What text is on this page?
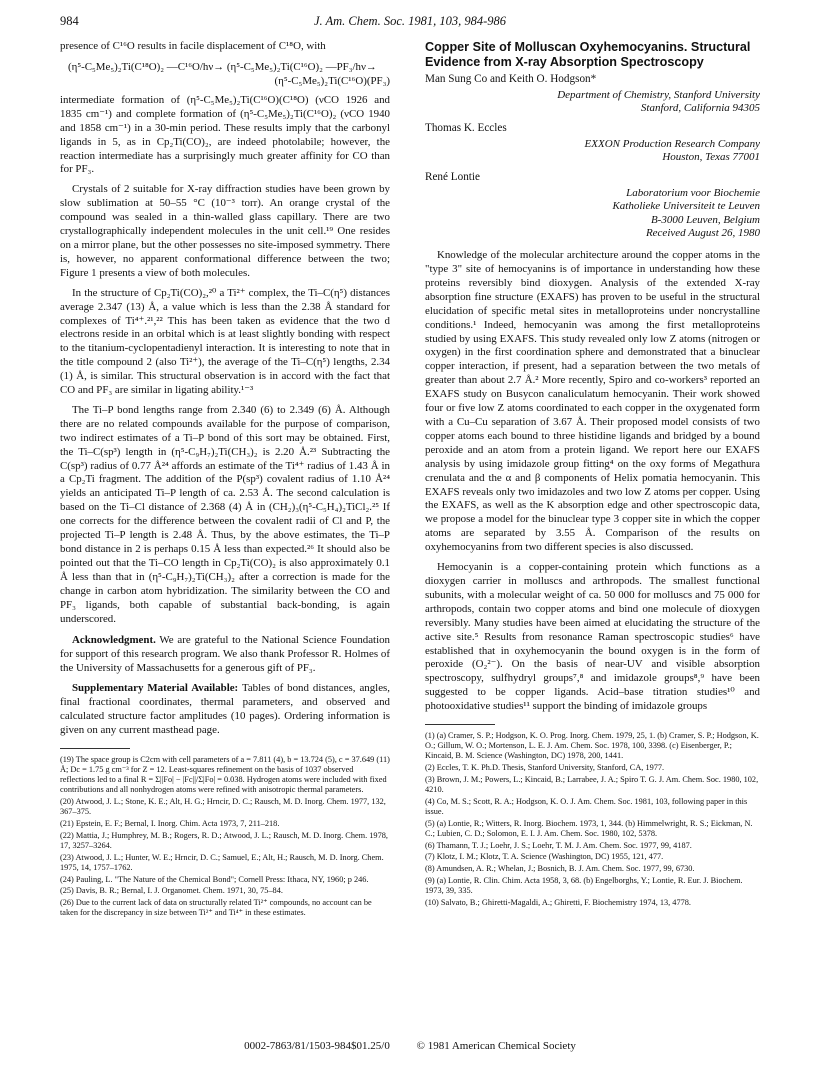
984	J. Am. Chem. Soc. 1981, 103, 984-986

presence of C¹⁶O results in facile displacement of C¹⁸O, with

(η⁵-C₅Me₅)₂Ti(C¹⁸O)₂ —C¹⁶O/hν→ (η⁵-C₅Me₅)₂Ti(C¹⁶O)₂ —PF₃/hν→
(η⁵-C₅Me₅)₂Ti(C¹⁶O)(PF₃)

intermediate formation of (η⁵-C₅Me₅)₂Ti(C¹⁶O)(C¹⁸O) (νCO 1926 and 1835 cm⁻¹) and complete formation of (η⁵-C₅Me₅)₂Ti(C¹⁶O)₂ (νCO 1940 and 1858 cm⁻¹) in a 30-min period. These results imply that the carbonyl ligands in 5, as in Cp₂Ti(CO)₂, are indeed photolabile; however, the reaction intermediate has a surprisingly much greater affinity for CO than for PF₃.

Crystals of 2 suitable for X-ray diffraction studies have been grown by slow sublimation at 50–55 °C (10⁻³ torr). An orange crystal of the compound was sealed in a thin-walled glass capillary. There are two crystallographically independent molecules in the unit cell.¹⁹ One resides on a mirror plane, but the other possesses no site-imposed symmetry. There is, however, no apparent conformational difference between the two; Figure 1 presents a view of both molecules.

In the structure of Cp₂Ti(CO)₂,²⁰ a Ti²⁺ complex, the Ti–C(η⁵) distances average 2.347 (13) Å, a value which is less than the 2.38 Å standard for complexes of Ti⁴⁺.²¹,²² This has been taken as evidence that the two d electrons reside in an orbital which is at least slightly bonding with respect to the titanium-cyclopentadienyl interaction. It is interesting to note that in the title compound 2 (also Ti²⁺), the average of the Ti–C(η⁵) lengths, 2.34 (1) Å, is similar. This structural observation is in accord with the fact that CO and PF₃ are similar in ligating ability.¹⁻³

The Ti–P bond lengths range from 2.340 (6) to 2.349 (6) Å. Although there are no related compounds available for the purpose of comparison, two indirect estimates of a Ti–P bond of this sort may be obtained. First, the Ti–C(sp³) length in (η⁵-C₉H₇)₂Ti(CH₃)₂ is 2.20 Å.²³ Subtracting the C(sp³) radius of 0.77 Å²⁴ affords an estimate of the Ti⁴⁺ radius of 1.43 Å in a Cp₂Ti fragment. The addition of the P(sp³) covalent radius of 1.10 Å²⁴ yields an anticipated Ti–P length of ca. 2.53 Å. The second calculation is based on the Ti–Cl distance of 2.368 (4) Å in (CH₂)₃(η⁵-C₅H₄)₂TiCl₂.²⁵ If one corrects for the difference between the covalent radii of Cl and P, the projected Ti–P length is 2.48 Å. Thus, by the above estimates, the Ti–P bond distance in 2 is perhaps 0.15 Å less than expected.²⁶ It should also be pointed out that the Ti–CO length in Cp₂Ti(CO)₂ is also approximately 0.1 Å less than that in (η⁵-C₉H₇)₂Ti(CH₃)₂ after a correction is made for the change in carbon atom hybridization. The similarity between the CO and PF₃ ligands, both capable of substantial back-bonding, is again underscored.

Acknowledgment. We are grateful to the National Science Foundation for support of this research program. We also thank Professor R. Holmes of the University of Massachusetts for a generous gift of PF₃.

Supplementary Material Available: Tables of bond distances, angles, final fractional coordinates, thermal parameters, and observed and calculated structure factor amplitudes (10 pages). Ordering information is given on any current masthead page.

(19) The space group is C2cm with cell parameters of a = 7.811 (4), b = 13.724 (5), c = 37.649 (11) Å; Dc = 1.75 g cm⁻³ for Z = 12. Least-squares refinement on the basis of 1037 observed reflections led to a final R = Σ||Fo| − |Fc||/Σ|Fo| = 0.038. Hydrogen atoms were included with fixed contributions and all nonhydrogen atoms were refined with anisotropic thermal parameters.

(20) Atwood, J. L.; Stone, K. E.; Alt, H. G.; Hrncir, D. C.; Rausch, M. D. Inorg. Chem. 1977, 132, 367–375.

(21) Epstein, E. F.; Bernal, I. Inorg. Chim. Acta 1973, 7, 211–218.

(22) Mattia, J.; Humphrey, M. B.; Rogers, R. D.; Atwood, J. L.; Rausch, M. D. Inorg. Chem. 1978, 17, 3257–3264.

(23) Atwood, J. L.; Hunter, W. E.; Hrncir, D. C.; Samuel, E.; Alt, H.; Rausch, M. D. Inorg. Chem. 1975, 14, 1757–1762.

(24) Pauling, L. "The Nature of the Chemical Bond"; Cornell Press: Ithaca, NY, 1960; p 246.

(25) Davis, B. R.; Bernal, I. J. Organomet. Chem. 1971, 30, 75–84.

(26) Due to the current lack of data on structurally related Ti²⁺ compounds, no account can be taken for the discrepancy in size between Ti²⁺ and Ti⁴⁺ in these estimates.

Copper Site of Molluscan Oxyhemocyanins. Structural Evidence from X-ray Absorption Spectroscopy
Man Sung Co and Keith O. Hodgson*
Department of Chemistry, Stanford University
Stanford, California 94305
Thomas K. Eccles
EXXON Production Research Company
Houston, Texas 77001
René Lontie
Laboratorium voor Biochemie
Katholieke Universiteit te Leuven
B-3000 Leuven, Belgium
Received August 26, 1980

Knowledge of the molecular architecture around the copper atoms in the "type 3" site of hemocyanins is of importance in understanding how these proteins reversibly bind dioxygen. Analysis of the extended X-ray absorption fine structure (EXAFS) has proven to be useful in the structural elucidation of specific metal sites in metalloproteins under noncrystalline conditions.¹ Indeed, hemocyanin was among the first metalloproteins studied by using EXAFS. This study revealed only low Z atoms (nitrogen or oxygen) in the first coordination sphere and demonstrated that a binuclear copper interaction, if present, had a separation between the two metals of greater than about 2.7 Å.² More recently, Spiro and co-workers³ reported an EXAFS study on Busycon canaliculatum hemocyanin. Their work showed four or five low Z atoms coordinated to each copper in the oxygenated form with a Cu–Cu separation of 3.67 Å. Their proposed model consists of two copper atoms each bound to three histidine ligands and bridged by a bound peroxide and an atom from a protein ligand. We report here our EXAFS analysis by using imidazole group fitting⁴ on the oxy forms of Megathura crenulata and the α and β components of Helix pomatia hemocyanin. This EXAFS reveals only two imidazoles and two low Z atoms per copper. Using the EXAFS, as well as the K absorption edge and other spectroscopic data, we propose a model for the binuclear type 3 copper site in which the copper atoms are separated by 3.55 Å. Comparison of the results on oxyhemocyanins from two different species is also discussed.

Hemocyanin is a copper-containing protein which functions as a dioxygen carrier in molluscs and arthropods. The smallest functional subunits, with a molecular weight of ca. 50 000 for molluscs and 75 000 for arthropods, contain two copper atoms and bind one molecule of dioxygen reversibly. Many studies have been aimed at elucidating the structure of the active site.⁵ Results from resonance Raman spectroscopic studies⁶ have established that in oxyhemocyanin the bound oxygen is in the form of peroxide (O₂²⁻). On the basis of near-UV and visible absorption spectroscopy, sulfhydryl groups⁷,⁸ and imidazole groups⁸,⁹ have been suggested to be copper ligands. Acid–base titration studies¹⁰ and photooxidative studies¹¹ support the binding of imidazole groups

(1) (a) Cramer, S. P.; Hodgson, K. O. Prog. Inorg. Chem. 1979, 25, 1. (b) Cramer, S. P.; Hodgson, K. O.; Gillum, W. O.; Mortenson, L. E. J. Am. Chem. Soc. 1978, 100, 3398. (c) Eisenberger, P.; Kincaid, B. M. Science (Washington, DC) 1978, 200, 1441.

(2) Eccles, T. K. Ph.D. Thesis, Stanford University, Stanford, CA, 1977.

(3) Brown, J. M.; Powers, L.; Kincaid, B.; Larrabee, J. A.; Spiro T. G. J. Am. Chem. Soc. 1980, 102, 4210.

(4) Co, M. S.; Scott, R. A.; Hodgson, K. O. J. Am. Chem. Soc. 1981, 103, following paper in this issue.

(5) (a) Lontie, R.; Witters, R. Inorg. Biochem. 1973, 1, 344. (b) Himmelwright, R. S.; Eickman, N. C.; Lubien, C. D.; Solomon, E. I. J. Am. Chem. Soc. 1980, 102, 5378.

(6) Thamann, T. J.; Loehr, J. S.; Loehr, T. M. J. Am. Chem. Soc. 1977, 99, 4187.

(7) Klotz, I. M.; Klotz, T. A. Science (Washington, DC) 1955, 121, 477.

(8) Amundsen, A. R.; Whelan, J.; Bosnich, B. J. Am. Chem. Soc. 1977, 99, 6730.

(9) (a) Lontie, R. Clin. Chim. Acta 1958, 3, 68. (b) Engelborghs, Y.; Lontie, R. Eur. J. Biochem. 1973, 39, 335.

(10) Salvato, B.; Ghiretti-Magaldi, A.; Ghiretti, F. Biochemistry 1974, 13, 4778.

0002-7863/81/1503-984$01.25/0 © 1981 American Chemical Society
